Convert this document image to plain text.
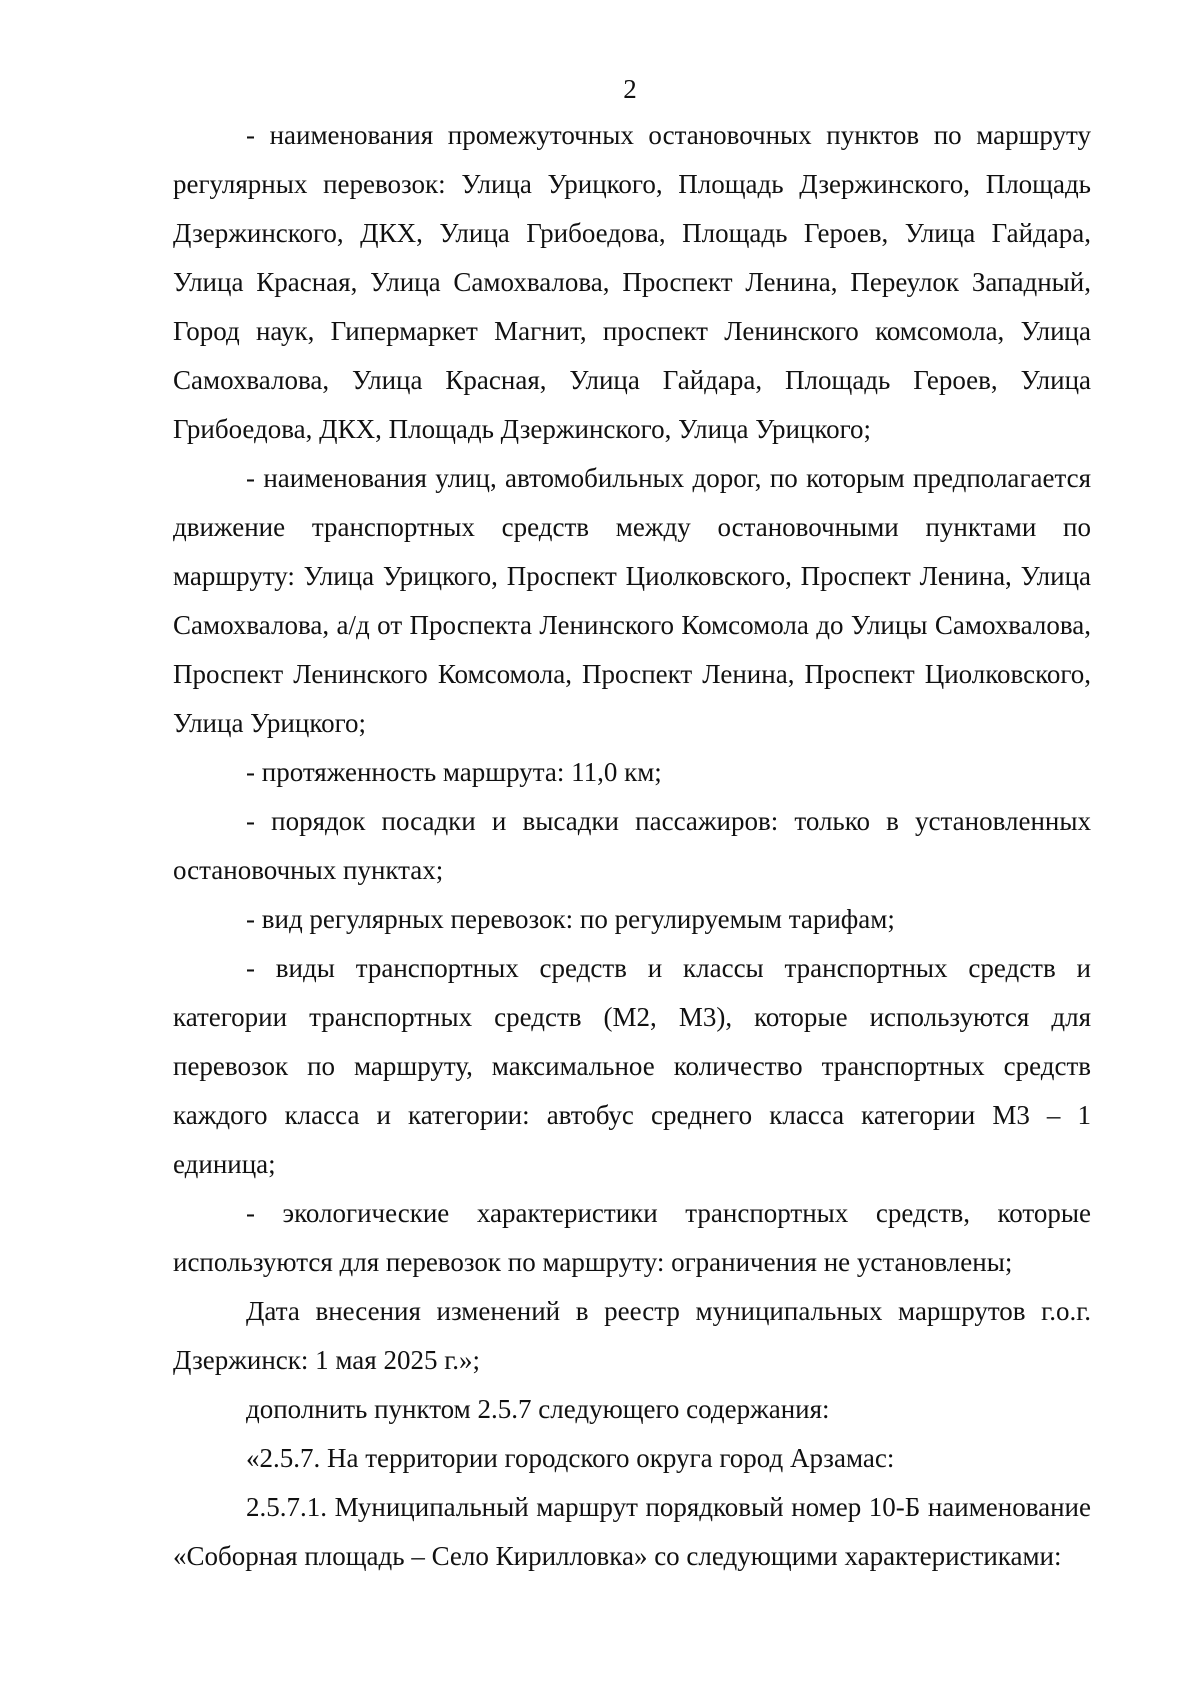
2

- наименования промежуточных остановочных пунктов по маршруту регулярных перевозок: Улица Урицкого, Площадь Дзержинского, Площадь Дзержинского, ДКХ, Улица Грибоедова, Площадь Героев, Улица Гайдара, Улица Красная, Улица Самохвалова, Проспект Ленина, Переулок Западный, Город наук, Гипермаркет Магнит, проспект Ленинского комсомола, Улица Самохвалова, Улица Красная, Улица Гайдара, Площадь Героев, Улица Грибоедова, ДКХ, Площадь Дзержинского, Улица Урицкого;

- наименования улиц, автомобильных дорог, по которым предполагается движение транспортных средств между остановочными пунктами по маршруту: Улица Урицкого, Проспект Циолковского, Проспект Ленина, Улица Самохвалова, а/д от Проспекта Ленинского Комсомола до Улицы Самохвалова, Проспект Ленинского Комсомола, Проспект Ленина, Проспект Циолковского, Улица Урицкого;

- протяженность маршрута: 11,0 км;

- порядок посадки и высадки пассажиров: только в установленных остановочных пунктах;

- вид регулярных перевозок: по регулируемым тарифам;

- виды транспортных средств и классы транспортных средств и категории транспортных средств (М2, М3), которые используются для перевозок по маршруту, максимальное количество транспортных средств каждого класса и категории: автобус среднего класса категории М3 – 1 единица;

- экологические характеристики транспортных средств, которые используются для перевозок по маршруту: ограничения не установлены;

Дата внесения изменений в реестр муниципальных маршрутов г.о.г. Дзержинск: 1 мая 2025 г.»;

дополнить пунктом 2.5.7 следующего содержания:

«2.5.7. На территории городского округа город Арзамас:

2.5.7.1. Муниципальный маршрут порядковый номер 10-Б наименование «Соборная площадь – Село Кирилловка» со следующими характеристиками:
